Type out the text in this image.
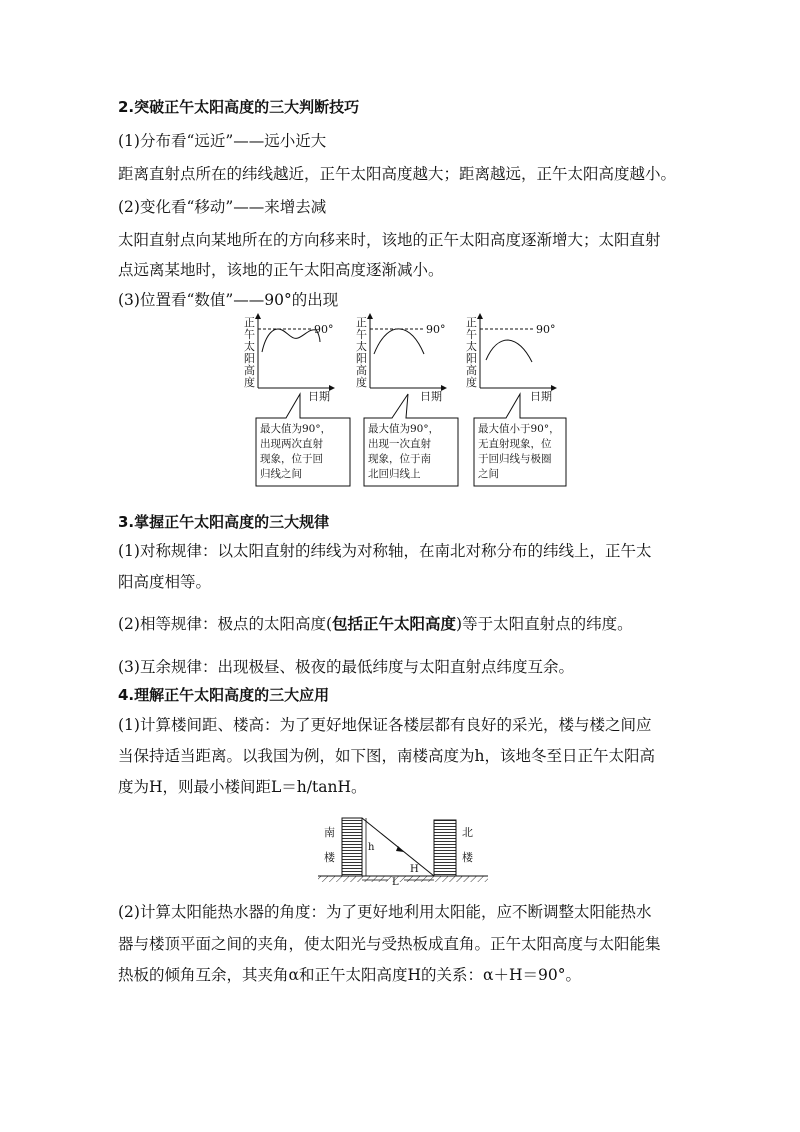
2.突破正午太阳高度的三大判断技巧
(1)分布看“远近”——远小近大
距离直射点所在的纬线越近，正午太阳高度越大；距离越远，正午太阳高度越小。
(2)变化看“移动”——来增去减
太阳直射点向某地所在的方向移来时，该地的正午太阳高度逐渐增大；太阳直射
点远离某地时，该地的正午太阳高度逐渐减小。
(3)位置看“数值”——90°的出现
正
午
太
阳
高
度
90°
日期
最大值为90°，
出现两次直射
现象，位于回
归线之间
正
午
太
阳
高
度
90°
日期
最大值为90°，
出现一次直射
现象，位于南
北回归线上
正
午
太
阳
高
度
90°
日期
最大值小于90°，
无直射现象，位
于回归线与极圈
之间
3.掌握正午太阳高度的三大规律
(1)对称规律：以太阳直射的纬线为对称轴，在南北对称分布的纬线上，正午太
阳高度相等。
(2)相等规律：极点的太阳高度(包括正午太阳高度)等于太阳直射点的纬度。
(3)互余规律：出现极昼、极夜的最低纬度与太阳直射点纬度互余。
4.理解正午太阳高度的三大应用
(1)计算楼间距、楼高：为了更好地保证各楼层都有良好的采光，楼与楼之间应
当保持适当距离。以我国为例，如下图，南楼高度为h，该地冬至日正午太阳高
度为H，则最小楼间距L＝h/tanH。
南
楼
h
H
北
楼
L
(2)计算太阳能热水器的角度：为了更好地利用太阳能，应不断调整太阳能热水
器与楼顶平面之间的夹角，使太阳光与受热板成直角。正午太阳高度与太阳能集
热板的倾角互余，其夹角α和正午太阳高度H的关系：α＋H＝90°。
